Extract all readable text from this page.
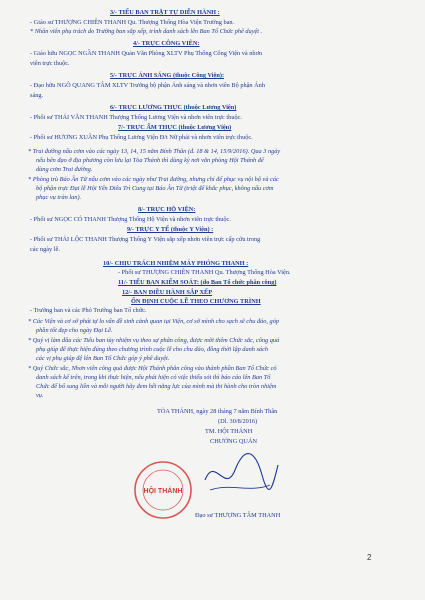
3/- TIỂU BAN TRẬT TỰ DIỄN HÀNH :
- Giáo sư THƯỢNG CHIÊN THANH Qu. Thượng Thống Hòa Viện Trưởng ban.
* Nhân viên phụ trách do Trưởng ban sắp xếp, trình danh sách lên Ban Tổ Chức phê duyệt .
4/- TRỰC CÔNG VIÊN:
- Giáo hữu NGỌC NGẦN THANH Quản Văn Phòng XLTV Phụ Thống Công Viện và nhơn
viên trực thuộc.
5/- TRỰC ÁNH SÁNG (thuộc Công Viện):
- Đạo hữu NGÔ QUANG TÂM XLTV Trưởng bộ phận Ánh sáng và nhơn viên Bộ phận Ánh
sáng.
6/- TRỰC LƯƠNG THỰC (thuộc Lương Viện)
- Phối sư THÁI VĂN THANH Thượng Thống Lương Viện và nhơn viên trực thuộc.
7/- TRỰC ẨM THỰC (thuộc Lương Viện)
- Phối sư HƯƠNG XUÂN Phụ Thống Lương Viện Đ/t Nữ phái và nhơn viên trực thuộc.
* Trai đường nấu cơm vào các ngày 13, 14, 15 năm Bính Thân (đ. 18 & 14, 15/9/2016). Qua 3 ngày
nếu bên đạo ở địa phương còn lưu lại Tòa Thánh thì dùng kỳ nơi văn phòng Hội Thánh để
dùng cơm Trai đường.
* Phòng trù Báo Ân Từ nấu cơm vào các ngày như Trai đường, nhưng chỉ để phục vụ nội bộ và các
bộ phận trực Đại lễ Hội Yến Diêu Trì Cung tại Báo Ân Từ (triệt để khắc phục, không nấu cơm
phục vụ tràn lan).
8/- TRỰC HỘ VIỆN:
- Phối sư NGỌC CÓ THANH Thượng Thống Hộ Viện và nhơn viên trực thuộc.
9/- TRỰC Y TẾ (thuộc Y Viện) :
- Phối sư THÁI LỘC THANH Thượng Thống Y Viện sắp xếp nhơn viên trực cấp cứu trong
các ngày lễ.
10/- CHỊU TRÁCH NHIỆM MÁY PHÓNG THANH :
- Phối sư THƯỢNG CHIÊN THANH Qu. Thượng Thống Hòa Viện.
11/- TIỂU BAN KIỂM SOÁT: (do Ban Tổ chức phân công)
12/- BAN ĐIỀU HÀNH SẮP XẾP
ỔN ĐỊNH CUỘC LỄ THEO CHƯƠNG TRÌNH
- Trưởng ban và các Phó Trưởng ban Tổ chức.
* Các Viện và cơ sở phát tự lo vấn đề sinh cảnh quan tại Viện, cơ sở mình cho sạch sẽ chu đáo, góp
phần tốt đẹp cho ngày Đại Lễ.
* Quý vị làm đầu các Tiểu ban tùy nhiệm vụ theo sự phân công, được mời thêm Chức sắc, công quả
phụ giúp để thực hiện đúng theo chương trình cuộc lễ cho chu đáo, đồng thời lập danh sách
các vị phụ giúp đệ lên Ban Tổ Chức góp ý phê duyệt.
* Quý Chức sắc, Nhơn viên công quả được Hội Thánh phân công vào thành phần Ban Tổ Chức có
danh sách kể trên, trong khi thực hiện, nếu phát hiện có việc thiếu sót thì báo cáo lên Ban Tổ
Chức để bổ sung liền và mỗi người hãy đem hết năng lực của mình mà thi hành cho tròn nhiệm
vụ.
TÒA THÁNH, ngày 28 tháng 7 năm Bính Thân
(Dl. 30/8/2016)
TM. HỘI THÁNH
CHƯỞNG QUẢN
Đạo sư THƯỢNG TÂM THANH
HỘI THÁNH
2
